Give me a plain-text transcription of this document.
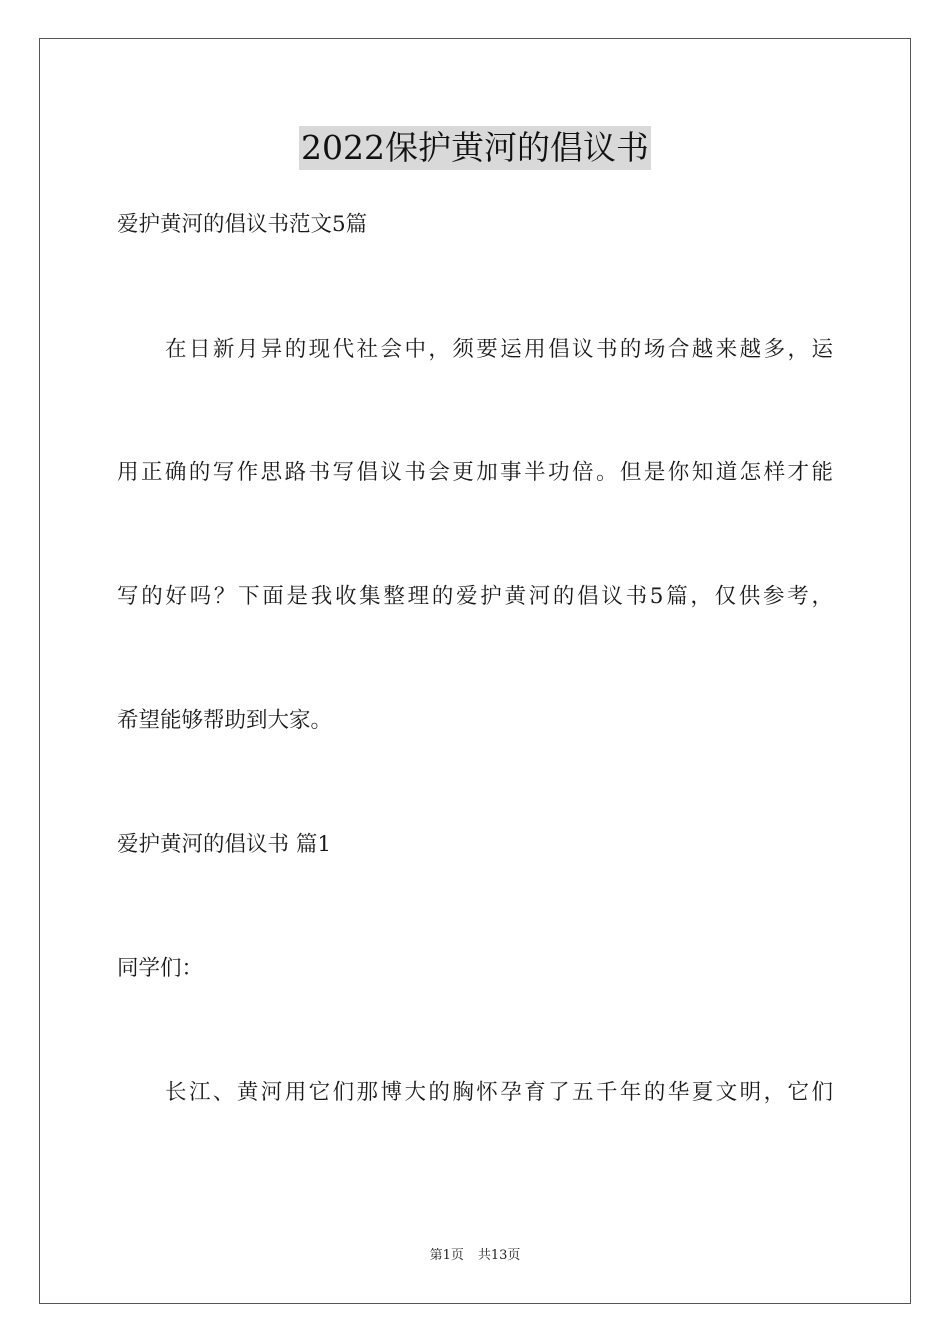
2022保护黄河的倡议书
爱护黄河的倡议书范文5篇
在日新月异的现代社会中，须要运用倡议书的场合越来越多，运
用正确的写作思路书写倡议书会更加事半功倍。但是你知道怎样才能
写的好吗？下面是我收集整理的爱护黄河的倡议书5篇，仅供参考，
希望能够帮助到大家。
爱护黄河的倡议书 篇1
同学们：
长江、黄河用它们那博大的胸怀孕育了五千年的华夏文明，它们
第1页 共13页
